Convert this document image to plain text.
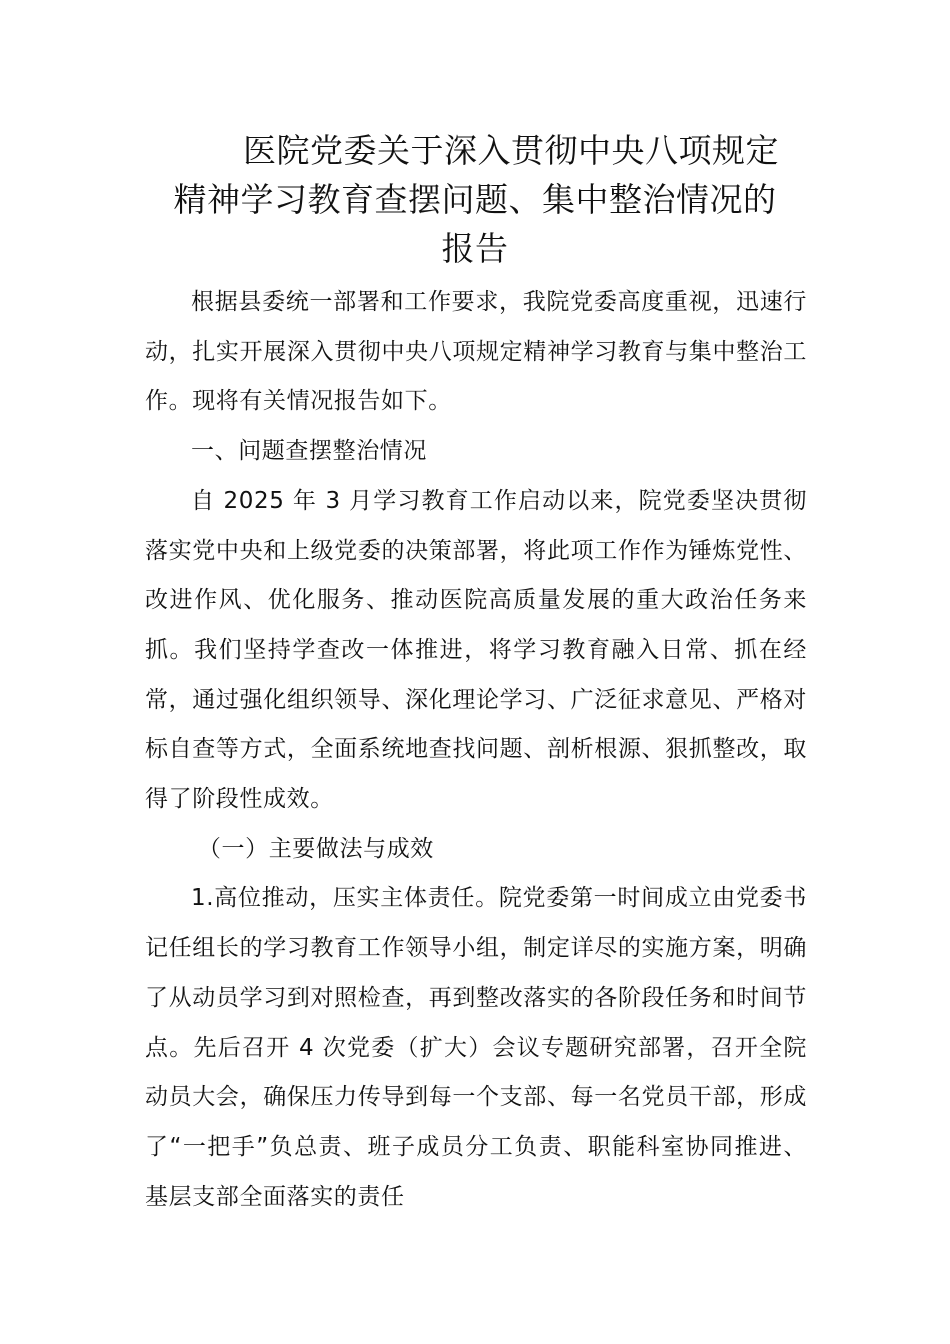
医院党委关于深入贯彻中央八项规定
精神学习教育查摆问题、集中整治情况的
报告

根据县委统一部署和工作要求，我院党委高度重视，迅速行动，扎实开展深入贯彻中央八项规定精神学习教育与集中整治工作。现将有关情况报告如下。

一、问题查摆整治情况

自 2025 年 3 月学习教育工作启动以来，院党委坚决贯彻落实党中央和上级党委的决策部署，将此项工作作为锤炼党性、改进作风、优化服务、推动医院高质量发展的重大政治任务来抓。我们坚持学查改一体推进，将学习教育融入日常、抓在经常，通过强化组织领导、深化理论学习、广泛征求意见、严格对标自查等方式，全面系统地查找问题、剖析根源、狠抓整改，取得了阶段性成效。

（一）主要做法与成效

1.高位推动，压实主体责任。院党委第一时间成立由党委书记任组长的学习教育工作领导小组，制定详尽的实施方案，明确了从动员学习到对照检查，再到整改落实的各阶段任务和时间节点。先后召开 4 次党委（扩大）会议专题研究部署，召开全院动员大会，确保压力传导到每一个支部、每一名党员干部，形成了“一把手”负总责、班子成员分工负责、职能科室协同推进、基层支部全面落实的责任
